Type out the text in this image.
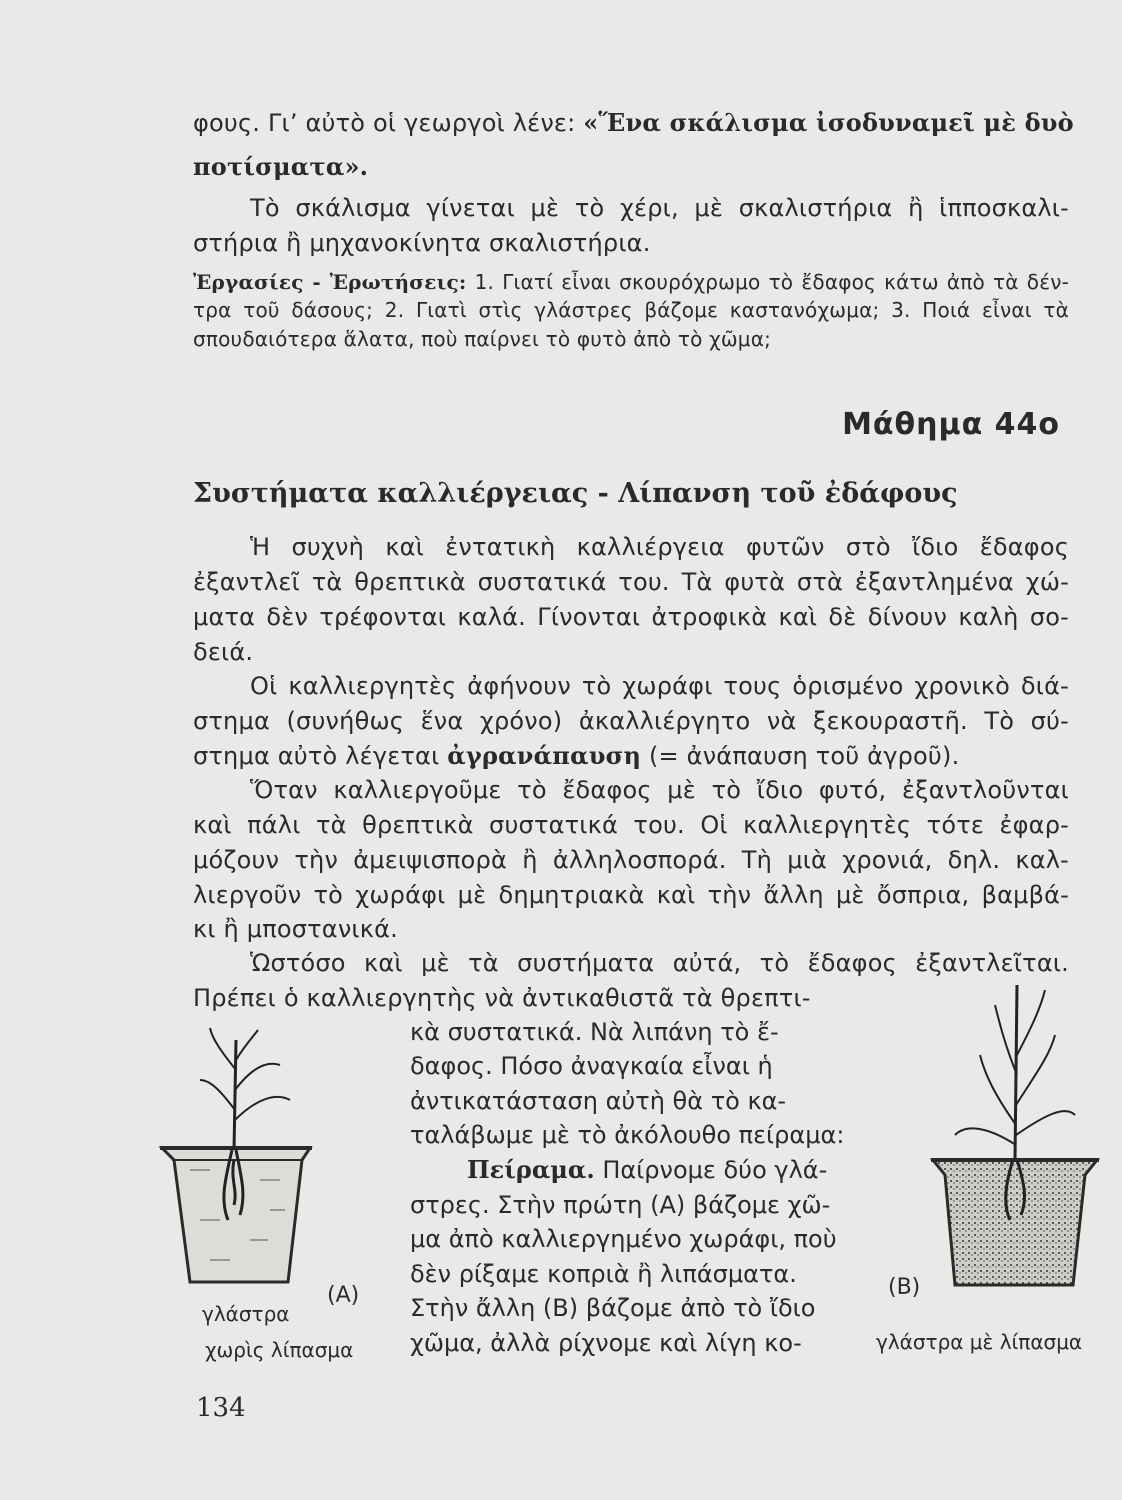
φους. Γι’ αὐτὸ οἱ γεωργοὶ λένε: «Ἕνα σκάλισμα ἰσοδυναμεῖ μὲ δυὸ
ποτίσματα».
Τὸ σκάλισμα γίνεται μὲ τὸ χέρι, μὲ σκαλιστήρια ἢ ἱπποσκαλι-
στήρια ἢ μηχανοκίνητα σκαλιστήρια.
Ἐργασίες - Ἐρωτήσεις: 1. Γιατί εἶναι σκουρόχρωμο τὸ ἔδαφος κάτω ἀπὸ τὰ δέν-
τρα τοῦ δάσους; 2. Γιατὶ στὶς γλάστρες βάζομε καστανόχωμα; 3. Ποιά εἶναι τὰ
σπουδαιότερα ἅλατα, ποὺ παίρνει τὸ φυτὸ ἀπὸ τὸ χῶμα;
Μάθημα 44ο
Συστήματα καλλιέργειας - Λίπανση τοῦ ἐδάφους
Ἡ συχνὴ καὶ ἐντατικὴ καλλιέργεια φυτῶν στὸ ἴδιο ἔδαφος
ἐξαντλεῖ τὰ θρεπτικὰ συστατικά του. Τὰ φυτὰ στὰ ἐξαντλημένα χώ-
ματα δὲν τρέφονται καλά. Γίνονται ἀτροφικὰ καὶ δὲ δίνουν καλὴ σο-
δειά.
Οἱ καλλιεργητὲς ἀφήνουν τὸ χωράφι τους ὁρισμένο χρονικὸ διά-
στημα (συνήθως ἕνα χρόνο) ἀκαλλιέργητο νὰ ξεκουραστῆ. Τὸ σύ-
στημα αὐτὸ λέγεται ἀγρανάπαυση (= ἀνάπαυση τοῦ ἀγροῦ).
Ὅταν καλλιεργοῦμε τὸ ἔδαφος μὲ τὸ ἴδιο φυτό, ἐξαντλοῦνται
καὶ πάλι τὰ θρεπτικὰ συστατικά του. Οἱ καλλιεργητὲς τότε ἐφαρ-
μόζουν τὴν ἀμειψισπορὰ ἢ ἀλληλοσπορά. Τὴ μιὰ χρονιά, δηλ. καλ-
λιεργοῦν τὸ χωράφι μὲ δημητριακὰ καὶ τὴν ἄλλη μὲ ὄσπρια, βαμβά-
κι ἢ μποστανικά.
Ὡστόσο καὶ μὲ τὰ συστήματα αὐτά, τὸ ἔδαφος ἐξαντλεῖται.
Πρέπει ὁ καλλιεργητὴς νὰ ἀντικαθιστᾶ τὰ θρεπτι-
κὰ συστατικά. Νὰ λιπάνη τὸ ἔ-
δαφος. Πόσο ἀναγκαία εἶναι ἡ
ἀντικατάσταση αὐτὴ θὰ τὸ κα-
ταλάβωμε μὲ τὸ ἀκόλουθο πείραμα:
Πείραμα. Παίρνομε δύο γλά-
στρες. Στὴν πρώτη (Α) βάζομε χῶ-
μα ἀπὸ καλλιεργημένο χωράφι, ποὺ
δὲν ρίξαμε κοπριὰ ἢ λιπάσματα.
Στὴν ἄλλη (Β) βάζομε ἀπὸ τὸ ἴδιο
χῶμα, ἀλλὰ ρίχνομε καὶ λίγη κο-
(Α)
γλάστρα
χωρὶς λίπασμα
(Β)
γλάστρα μὲ λίπασμα
134
